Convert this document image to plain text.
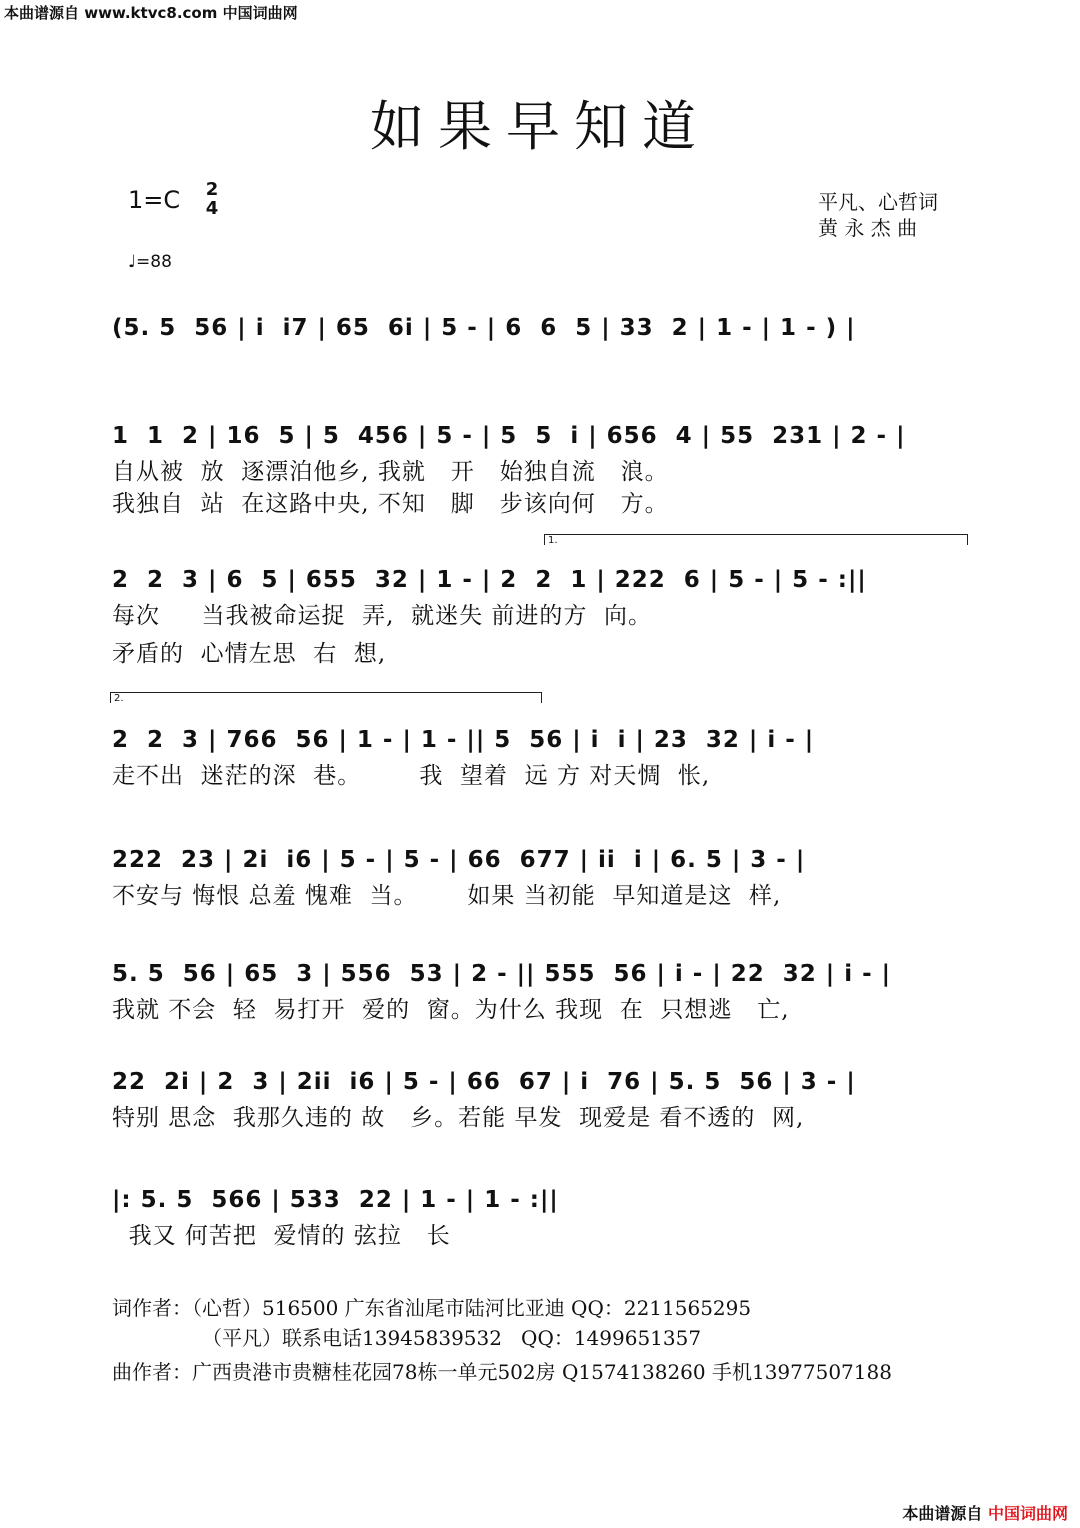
本曲谱源自 www.ktvc8.com 中国词曲网
如果早知道
1=C 2
4
♩=88
平凡、心哲词
黄 永 杰 曲
(5. 5  56 | i  i7 | 65  6i | 5 - | 6  6  5 | 33  2 | 1 - | 1 - ) |
1  1  2 | 16  5 | 5  456 | 5 - | 5  5  i | 656  4 | 55  231 | 2 - |
自从被  放  逐漂泊他乡, 我就   开   始独自流   浪。
我独自  站  在这路中央, 不知   脚   步该向何   方。
1.
2  2  3 | 6  5 | 655  32 | 1 - | 2  2  1 | 222  6 | 5 - | 5 - :||
每次     当我被命运捉  弄,  就迷失 前进的方  向。
矛盾的  心情左思  右  想,
2.
2  2  3 | 766  56 | 1 - | 1 - || 5  56 | i  i | 23  32 | i - |
走不出  迷茫的深  巷。       我  望着  远 方 对天惆  怅,
222  23 | 2i  i6 | 5 - | 5 - | 66  677 | ii  i | 6. 5 | 3 - |
不安与 悔恨 总羞 愧难  当。      如果 当初能  早知道是这  样,
5. 5  56 | 65  3 | 556  53 | 2 - || 555  56 | i - | 22  32 | i - |
我就 不会  轻  易打开  爱的  窗。为什么 我现  在  只想逃   亡,
22  2i | 2  3 | 2ii  i6 | 5 - | 66  67 | i  76 | 5. 5  56 | 3 - |
特别 思念  我那久违的 故   乡。若能 早发  现爱是 看不透的  网,
|: 5. 5  566 | 533  22 | 1 - | 1 - :||
我又 何苦把  爱情的 弦拉   长
词作者：（心哲）516500 广东省汕尾市陆河比亚迪 QQ：2211565295
（平凡）联系电话13945839532   QQ：1499651357
曲作者：广西贵港市贵糖桂花园78栋一单元502房 Q1574138260 手机13977507188
本曲谱源自 中国词曲网
